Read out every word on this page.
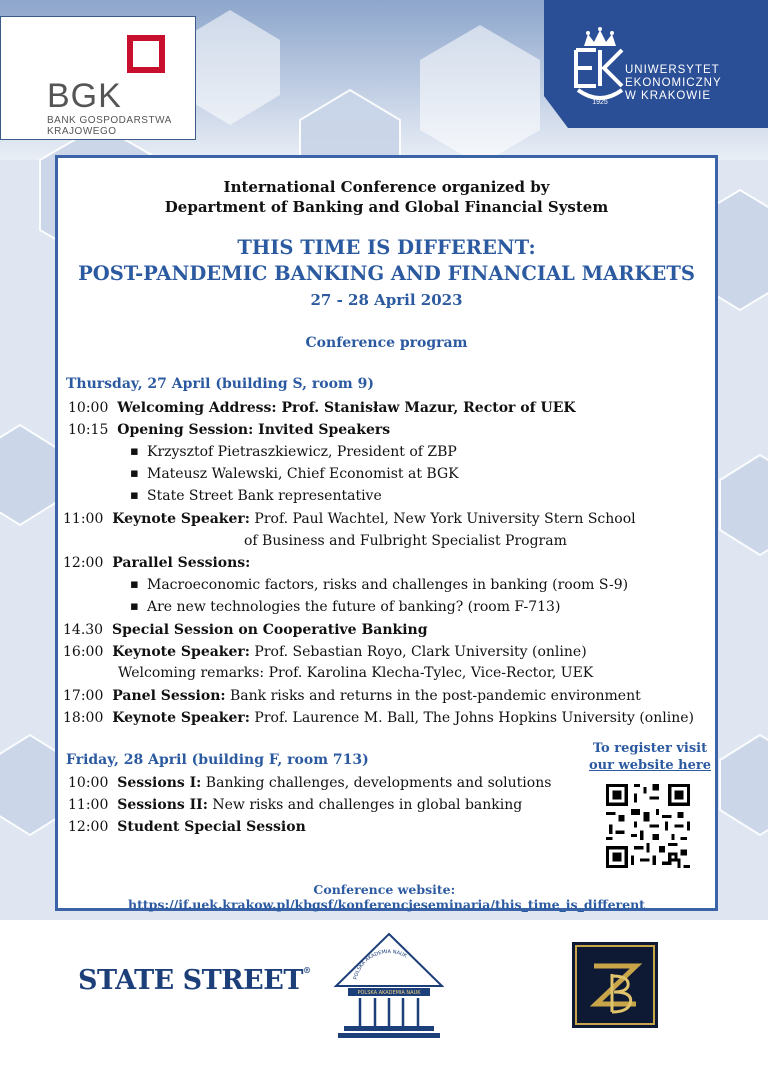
BGK
BANK GOSPODARSTWA
KRAJOWEGO
1925
UNIWERSYTET
EKONOMICZNY
W KRAKOWIE
International Conference organized by
Department of Banking and Global Financial System
THIS TIME IS DIFFERENT:
POST-PANDEMIC BANKING AND FINANCIAL MARKETS
27 - 28 April 2023
Conference program
Thursday, 27 April (building S, room 9)
10:00 Welcoming Address: Prof. Stanisław Mazur, Rector of UEK
10:15 Opening Session: Invited Speakers
▪ Krzysztof Pietraszkiewicz, President of ZBP
▪ Mateusz Walewski, Chief Economist at BGK
▪ State Street Bank representative
11:00 Keynote Speaker: Prof. Paul Wachtel, New York University Stern School
of Business and Fulbright Specialist Program
12:00 Parallel Sessions:
▪ Macroeconomic factors, risks and challenges in banking (room S-9)
▪ Are new technologies the future of banking? (room F-713)
14.30 Special Session on Cooperative Banking
16:00 Keynote Speaker: Prof. Sebastian Royo, Clark University (online)
Welcoming remarks: Prof. Karolina Klecha-Tylec, Vice-Rector, UEK
17:00 Panel Session: Bank risks and returns in the post-pandemic environment
18:00 Keynote Speaker: Prof. Laurence M. Ball, The Johns Hopkins University (online)
Friday, 28 April (building F, room 713)
10:00 Sessions I: Banking challenges, developments and solutions
11:00 Sessions II: New risks and challenges in global banking
12:00 Student Special Session
To register visit
our website here
Conference website:  https://if.uek.krakow.pl/kbgsf/konferencjeseminaria/this_time_is_different
STATE STREET®
POLSKA AKADEMIA NAUK
POLSKA AKADEMIA NAUK
